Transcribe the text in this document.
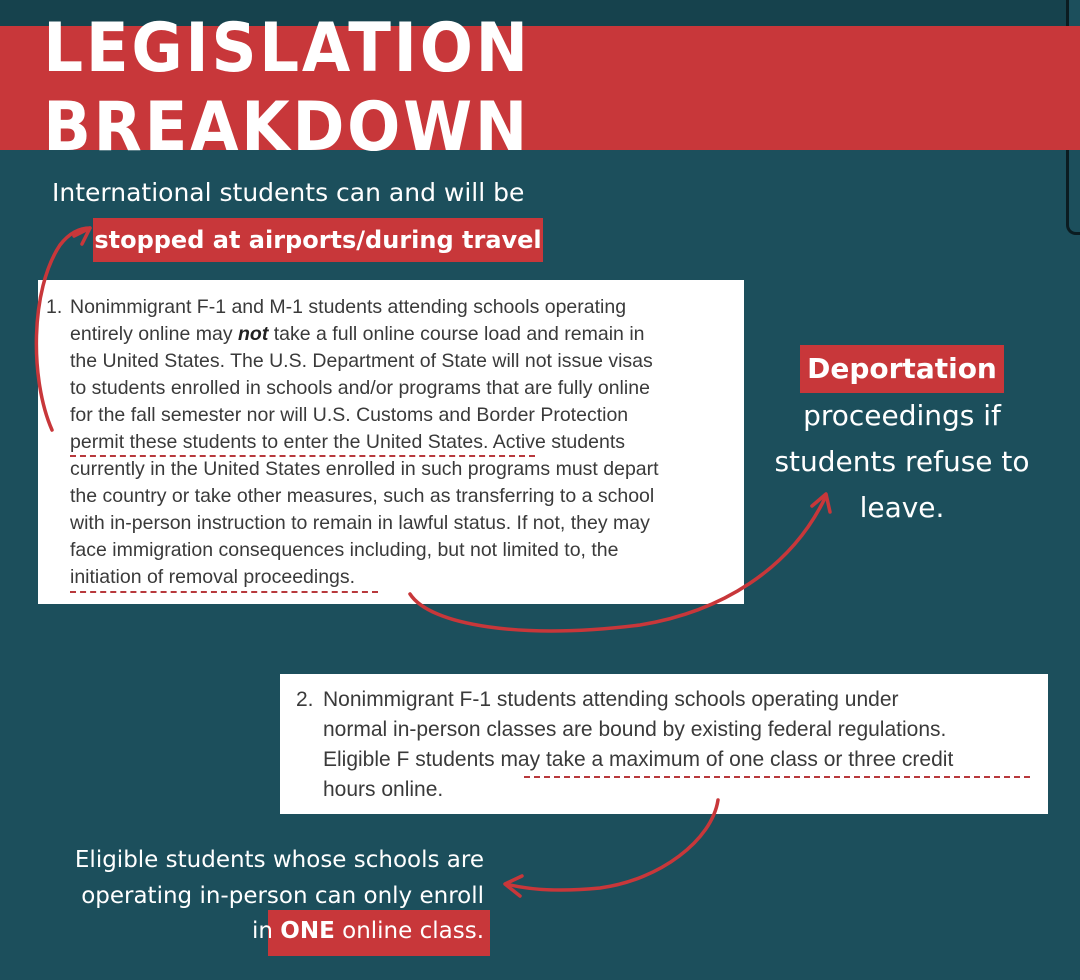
LEGISLATION BREAKDOWN
International students can and will be
stopped at airports/during travel
1. Nonimmigrant F-1 and M-1 students attending schools operating
entirely online may not take a full online course load and remain in
the United States. The U.S. Department of State will not issue visas
to students enrolled in schools and/or programs that are fully online
for the fall semester nor will U.S. Customs and Border Protection
permit these students to enter the United States. Active students
currently in the United States enrolled in such programs must depart
the country or take other measures, such as transferring to a school
with in-person instruction to remain in lawful status. If not, they may
face immigration consequences including, but not limited to, the
initiation of removal proceedings.
Deportation
proceedings if
students refuse to
leave.
2. Nonimmigrant F-1 students attending schools operating under
normal in-person classes are bound by existing federal regulations.
Eligible F students may take a maximum of one class or three credit
hours online.
Eligible students whose schools are
operating in-person can only enroll
in ONE online class.
